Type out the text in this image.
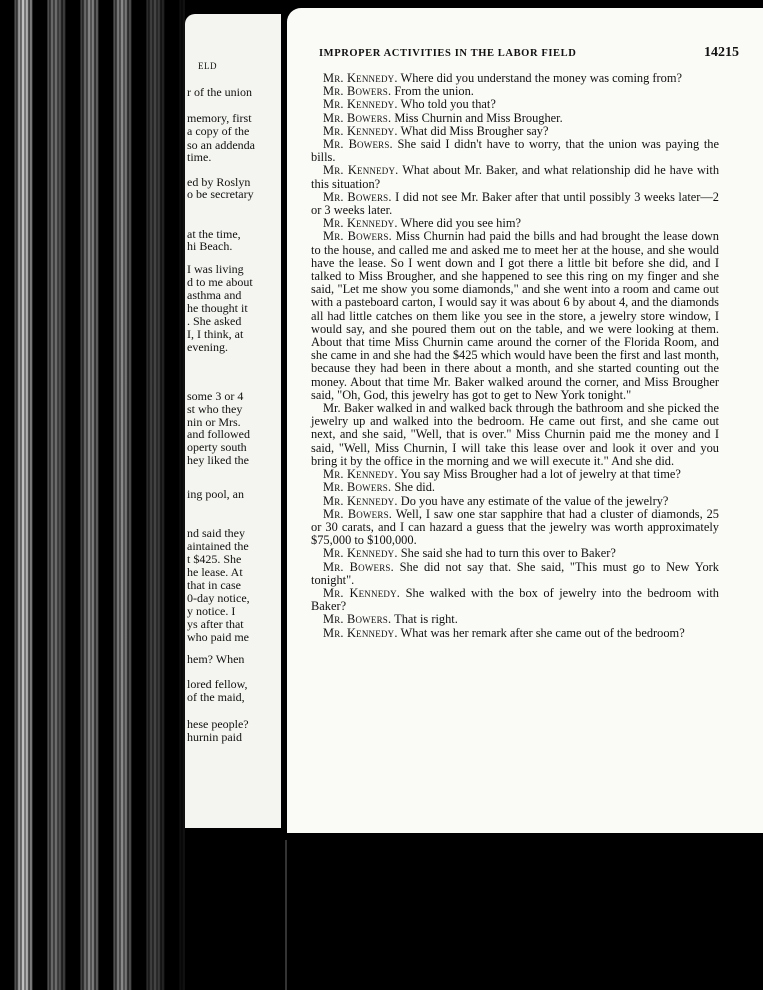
ELD
r of the union
memory, first
a copy of the
so an addenda
time.
ed by Roslyn
o be secretary
at the time,
hi Beach.
I was living
d to me about
asthma and
he thought it
. She asked
I, I think, at
evening.
some 3 or 4
st who they
nin or Mrs.
and followed
operty south
hey liked the
ing pool, an
nd said they
aintained the
t $425. She
he lease. At
that in case
0-day notice,
y notice. I
ys after that
who paid me
hem? When
lored fellow,
of the maid,
hese people?
hurnin paid
IMPROPER ACTIVITIES IN THE LABOR FIELD	14215

Mr. Kennedy. Where did you understand the money was coming from?

Mr. Bowers. From the union.

Mr. Kennedy. Who told you that?

Mr. Bowers. Miss Churnin and Miss Brougher.

Mr. Kennedy. What did Miss Brougher say?

Mr. Bowers. She said I didn't have to worry, that the union was paying the bills.

Mr. Kennedy. What about Mr. Baker, and what relationship did he have with this situation?

Mr. Bowers. I did not see Mr. Baker after that until possibly 3 weeks later—2 or 3 weeks later.

Mr. Kennedy. Where did you see him?

Mr. Bowers. Miss Churnin had paid the bills and had brought the lease down to the house, and called me and asked me to meet her at the house, and she would have the lease. So I went down and I got there a little bit before she did, and I talked to Miss Brougher, and she happened to see this ring on my finger and she said, "Let me show you some diamonds," and she went into a room and came out with a pasteboard carton, I would say it was about 6 by about 4, and the diamonds all had little catches on them like you see in the store, a jewelry store window, I would say, and she poured them out on the table, and we were looking at them. About that time Miss Churnin came around the corner of the Florida Room, and she came in and she had the $425 which would have been the first and last month, because they had been in there about a month, and she started counting out the money. About that time Mr. Baker walked around the corner, and Miss Brougher said, "Oh, God, this jewelry has got to get to New York tonight."

Mr. Baker walked in and walked back through the bathroom and she picked the jewelry up and walked into the bedroom. He came out first, and she came out next, and she said, "Well, that is over." Miss Churnin paid me the money and I said, "Well, Miss Churnin, I will take this lease over and look it over and you bring it by the office in the morning and we will execute it." And she did.

Mr. Kennedy. You say Miss Brougher had a lot of jewelry at that time?

Mr. Bowers. She did.

Mr. Kennedy. Do you have any estimate of the value of the jewelry?

Mr. Bowers. Well, I saw one star sapphire that had a cluster of diamonds, 25 or 30 carats, and I can hazard a guess that the jewelry was worth approximately $75,000 to $100,000.

Mr. Kennedy. She said she had to turn this over to Baker?

Mr. Bowers. She did not say that. She said, "This must go to New York tonight".

Mr. Kennedy. She walked with the box of jewelry into the bedroom with Baker?

Mr. Bowers. That is right.

Mr. Kennedy. What was her remark after she came out of the bedroom?
